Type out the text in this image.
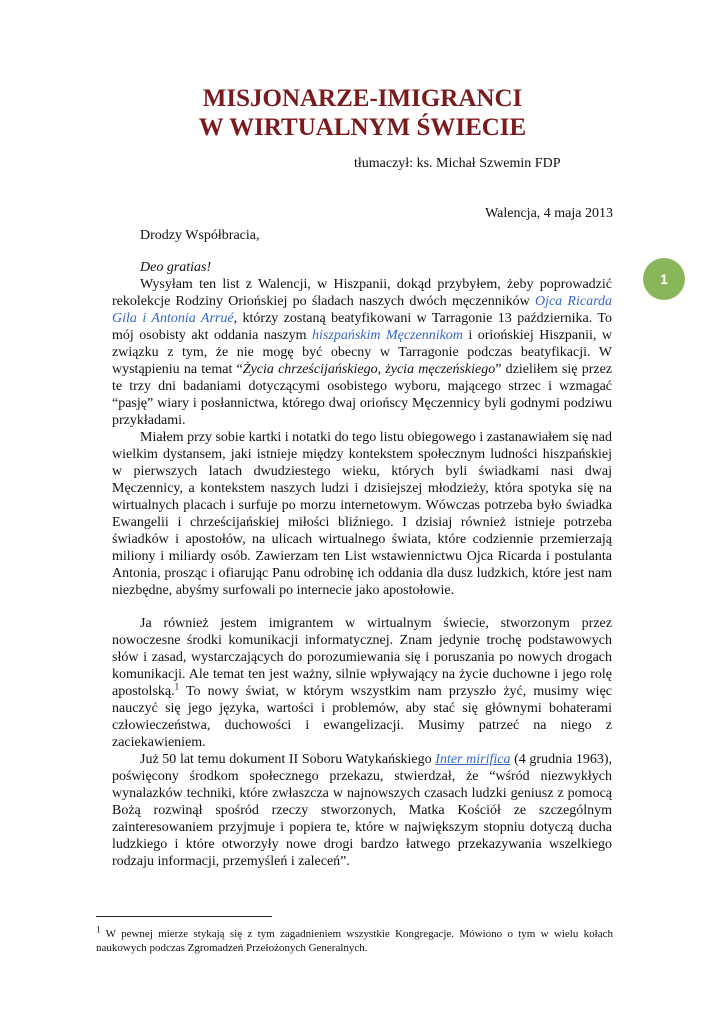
MISJONARZE-IMIGRANCI
W WIRTUALNYM ŚWIECIE
tłumaczył: ks. Michał Szwemin FDP
Walencja, 4 maja 2013
Drodzy Współbracia,
1

Deo gratias!

Wysyłam ten list z Walencji, w Hiszpanii, dokąd przybyłem, żeby poprowadzić rekolekcje Rodziny Oriońskiej po śladach naszych dwóch męczenników Ojca Ricarda Gila i Antonia Arrué, którzy zostaną beatyfikowani w Tarragonie 13 października. To mój osobisty akt oddania naszym hiszpańskim Męczennikom i oriońskiej Hiszpanii, w związku z tym, że nie mogę być obecny w Tarragonie podczas beatyfikacji. W wystąpieniu na temat “Życia chrześcijańskiego, życia męczeńskiego” dzieliłem się przez te trzy dni badaniami dotyczącymi osobistego wyboru, mającego strzec i wzmagać “pasję” wiary i posłannictwa, którego dwaj oriońscy Męczennicy byli godnymi podziwu przykładami.

Miałem przy sobie kartki i notatki do tego listu obiegowego i zastanawiałem się nad wielkim dystansem, jaki istnieje między kontekstem społecznym ludności hiszpańskiej w pierwszych latach dwudziestego wieku, których byli świadkami nasi dwaj Męczennicy, a kontekstem naszych ludzi i dzisiejszej młodzieży, która spotyka się na wirtualnych placach i surfuje po morzu internetowym. Wówczas potrzeba było świadka Ewangelii i chrześcijańskiej miłości bliźniego. I dzisiaj również istnieje potrzeba świadków i apostołów, na ulicach wirtualnego świata, które codziennie przemierzają miliony i miliardy osób. Zawierzam ten List wstawiennictwu Ojca Ricarda i postulanta Antonia, prosząc i ofiarując Panu odrobinę ich oddania dla dusz ludzkich, które jest nam niezbędne, abyśmy surfowali po internecie jako apostołowie.

Ja również jestem imigrantem w wirtualnym świecie, stworzonym przez nowoczesne środki komunikacji informatycznej. Znam jedynie trochę podstawowych słów i zasad, wystarczających do porozumiewania się i poruszania po nowych drogach komunikacji. Ale temat ten jest ważny, silnie wpływający na życie duchowne i jego rolę apostolską.$^1$ To nowy świat, w którym wszystkim nam przyszło żyć, musimy więc nauczyć się jego języka, wartości i problemów, aby stać się głównymi bohaterami człowieczeństwa, duchowości i ewangelizacji. Musimy patrzeć na niego z zaciekawieniem.

Już 50 lat temu dokument II Soboru Watykańskiego Inter mirifica (4 grudnia 1963), poświęcony środkom społecznego przekazu, stwierdzał, że “wśród niezwykłych wynalazków techniki, które zwłaszcza w najnowszych czasach ludzki geniusz z pomocą Bożą rozwinął spośród rzeczy stworzonych, Matka Kościół ze szczególnym zainteresowaniem przyjmuje i popiera te, które w największym stopniu dotyczą ducha ludzkiego i które otworzyły nowe drogi bardzo łatwego przekazywania wszelkiego rodzaju informacji, przemyśleń i zaleceń”.

$^1$ W pewnej mierze stykają się z tym zagadnieniem wszystkie Kongregacje. Mówiono o tym w wielu kołach naukowych podczas Zgromadzeń Przełożonych Generalnych.
